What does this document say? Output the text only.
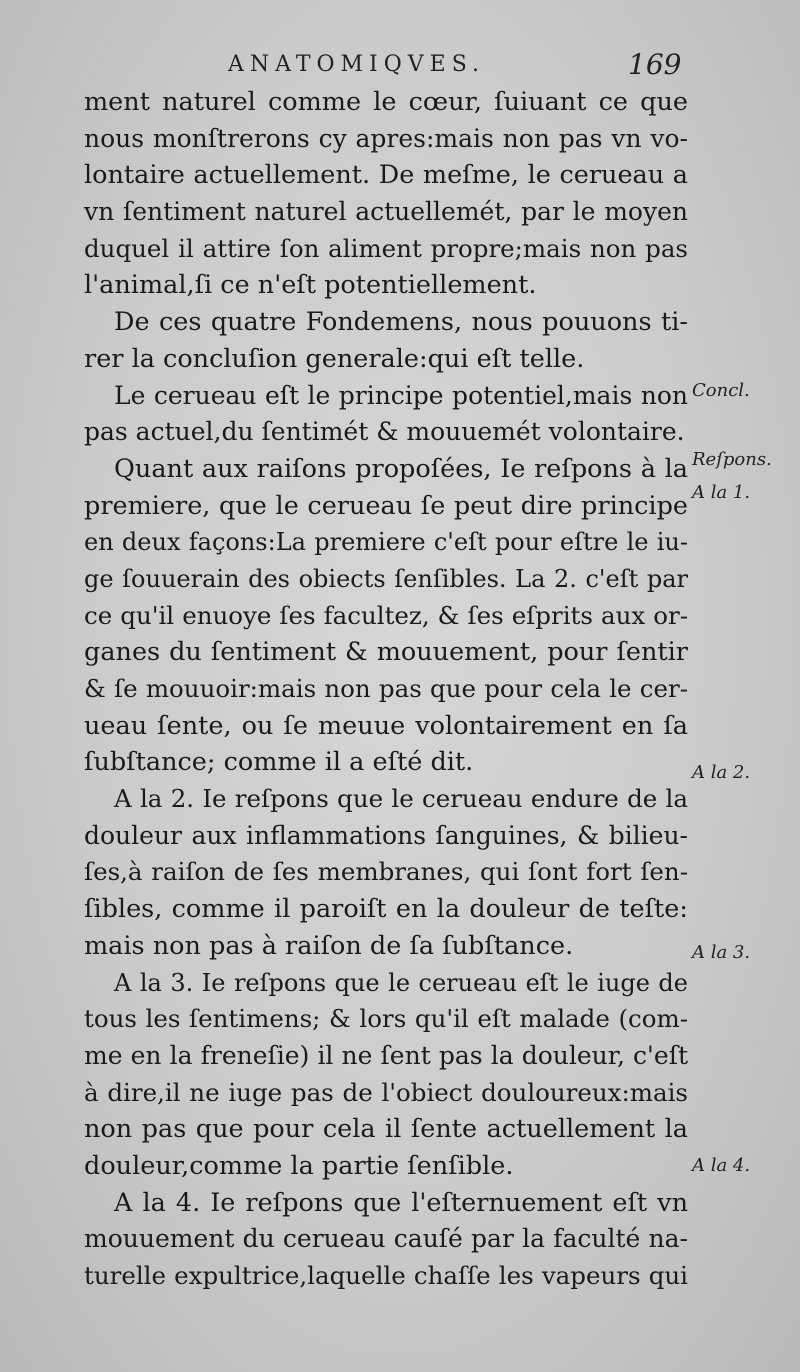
ANATOMIQVES.	169
ment naturel comme le cœur, ſuiuant ce que
nous monſtrerons cy apres:mais non pas vn vo-
lontaire actuellement. De meſme, le cerueau a
vn ſentiment naturel actuellemét, par le moyen
duquel il attire ſon aliment propre;mais non pas
l'animal,ſi ce n'eſt potentiellement.
De ces quatre Fondemens, nous pouuons ti-
rer la concluſion generale:qui eſt telle.
Le cerueau eſt le principe potentiel,mais non
pas actuel,du ſentimét & mouuemét volontaire.
Quant aux raiſons propoſées, Ie reſpons à la
premiere, que le cerueau ſe peut dire principe
en deux façons:La premiere c'eſt pour eſtre le iu-
ge ſouuerain des obiects ſenſibles. La 2. c'eſt par
ce qu'il enuoye ſes facultez, & ſes eſprits aux or-
ganes du ſentiment & mouuement, pour ſentir
& ſe mouuoir:mais non pas que pour cela le cer-
ueau ſente, ou ſe meuue volontairement en ſa
ſubſtance; comme il a eſté dit.
A la 2. Ie reſpons que le cerueau endure de la
douleur aux inflammations ſanguines, & bilieu-
ſes,à raiſon de ſes membranes, qui ſont fort ſen-
ſibles, comme il paroiſt en la douleur de teſte:
mais non pas à raiſon de ſa ſubſtance.
A la 3. Ie reſpons que le cerueau eſt le iuge de
tous les ſentimens; & lors qu'il eſt malade (com-
me en la freneſie) il ne ſent pas la douleur, c'eſt
à dire,il ne iuge pas de l'obiect douloureux:mais
non pas que pour cela il ſente actuellement la
douleur,comme la partie ſenſible.
A la 4. Ie reſpons que l'eſternuement eſt vn
mouuement du cerueau cauſé par la faculté na-
turelle expultrice,laquelle chaſſe les vapeurs qui
Concl.
Reſpons.
A la 1.
A la 2.
A la 3.
A la 4.
